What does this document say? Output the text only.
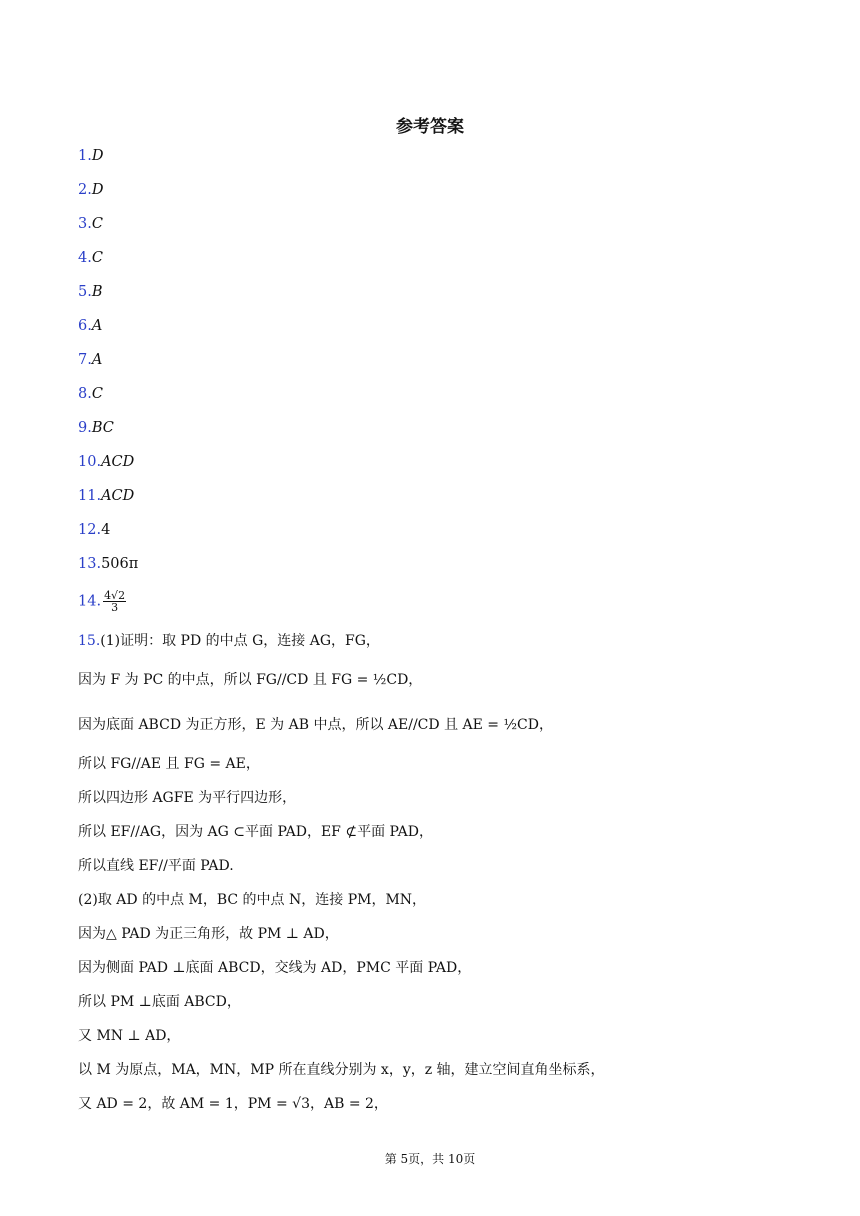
参考答案
1.D
2.D
3.C
4.C
5.B
6.A
7.A
8.C
9.BC
10.ACD
11.ACD
12.4
13.506π
14. $\frac{4√2}{3}$
15.(1)证明：取 PD 的中点 G，连接 AG，FG，
因为 F 为 PC 的中点，所以 FG//CD 且 FG = ½CD，
因为底面 ABCD 为正方形，E 为 AB 中点，所以 AE//CD 且 AE = ½CD，
所以 FG//AE 且 FG = AE，
所以四边形 AGFE 为平行四边形，
所以 EF//AG，因为 AG ⊂平面 PAD，EF ⊄平面 PAD，
所以直线 EF//平面 PAD.
(2)取 AD 的中点 M，BC 的中点 N，连接 PM，MN，
因为△ PAD 为正三角形，故 PM ⊥ AD，
因为侧面 PAD ⊥底面 ABCD，交线为 AD，PMC 平面 PAD，
所以 PM ⊥底面 ABCD，
又 MN ⊥ AD，
以 M 为原点，MA，MN，MP 所在直线分别为 x，y，z 轴，建立空间直角坐标系，
又 AD = 2，故 AM = 1，PM = √3，AB = 2，
第 5页，共 10页
